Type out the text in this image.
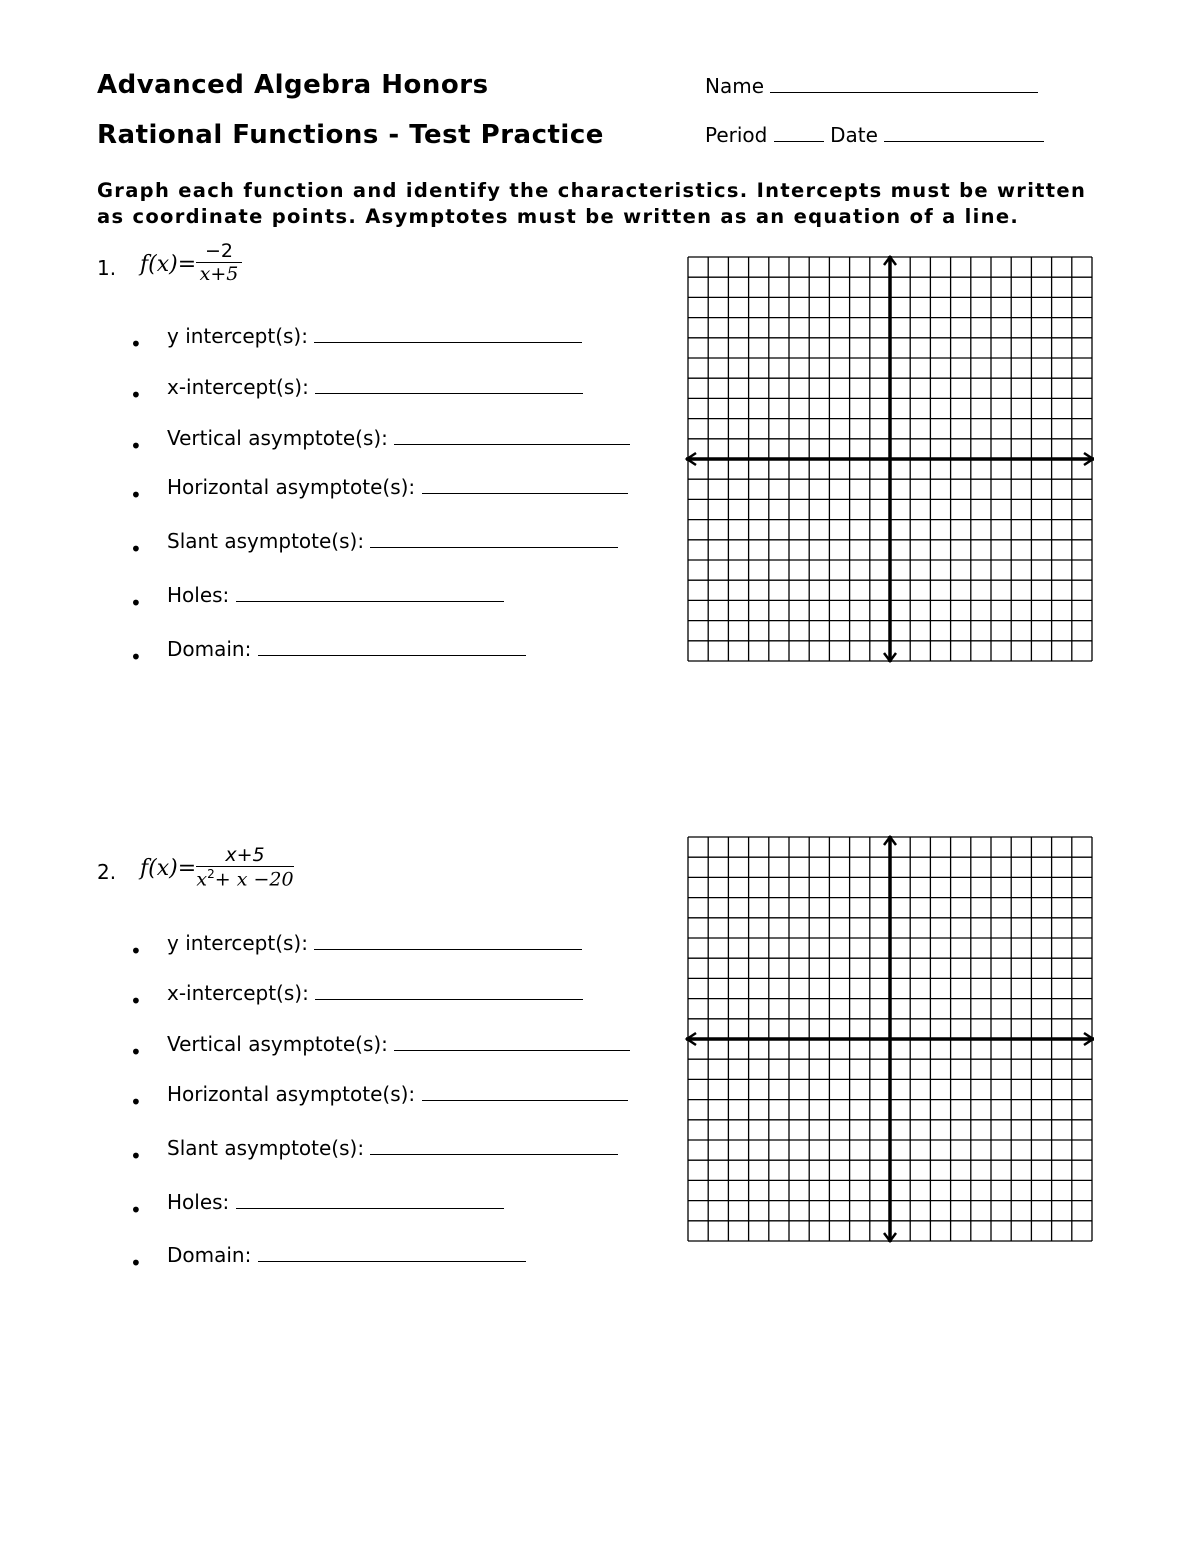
Advanced Algebra Honors
Rational Functions - Test Practice
Name
Period	Date
Graph each function and identify the characteristics. Intercepts must be written as coordinate points. Asymptotes must be written as an equation of a line.
1. f(x)=
−2
x+5
• y intercept(s):
• x-intercept(s):
• Vertical asymptote(s):
• Horizontal asymptote(s):
• Slant asymptote(s):
• Holes:
• Domain:
2. f(x)=
x+5
$x^2+ x -20$
• y intercept(s):
• x-intercept(s):
• Vertical asymptote(s):
• Horizontal asymptote(s):
• Slant asymptote(s):
• Holes:
• Domain:
